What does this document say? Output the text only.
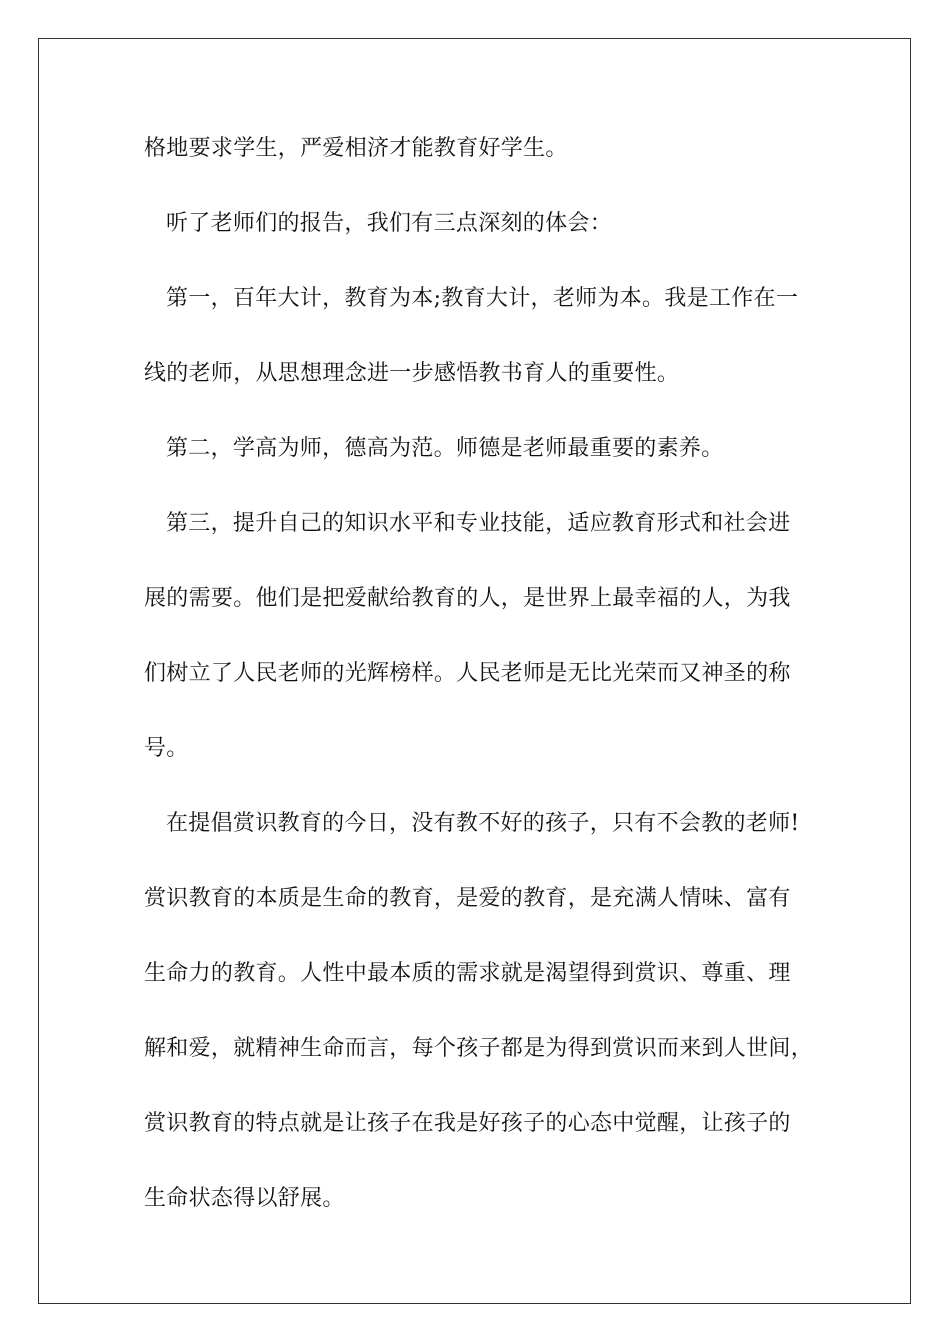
格地要求学生，严爱相济才能教育好学生。
听了老师们的报告，我们有三点深刻的体会：
第一，百年大计，教育为本;教育大计，老师为本。我是工作在一
线的老师，从思想理念进一步感悟教书育人的重要性。
第二，学高为师，德高为范。师德是老师最重要的素养。
第三，提升自己的知识水平和专业技能，适应教育形式和社会进
展的需要。他们是把爱献给教育的人，是世界上最幸福的人，为我
们树立了人民老师的光辉榜样。人民老师是无比光荣而又神圣的称
号。
在提倡赏识教育的今日，没有教不好的孩子，只有不会教的老师!
赏识教育的本质是生命的教育，是爱的教育，是充满人情味、富有
生命力的教育。人性中最本质的需求就是渴望得到赏识、尊重、理
解和爱，就精神生命而言，每个孩子都是为得到赏识而来到人世间，
赏识教育的特点就是让孩子在我是好孩子的心态中觉醒，让孩子的
生命状态得以舒展。
